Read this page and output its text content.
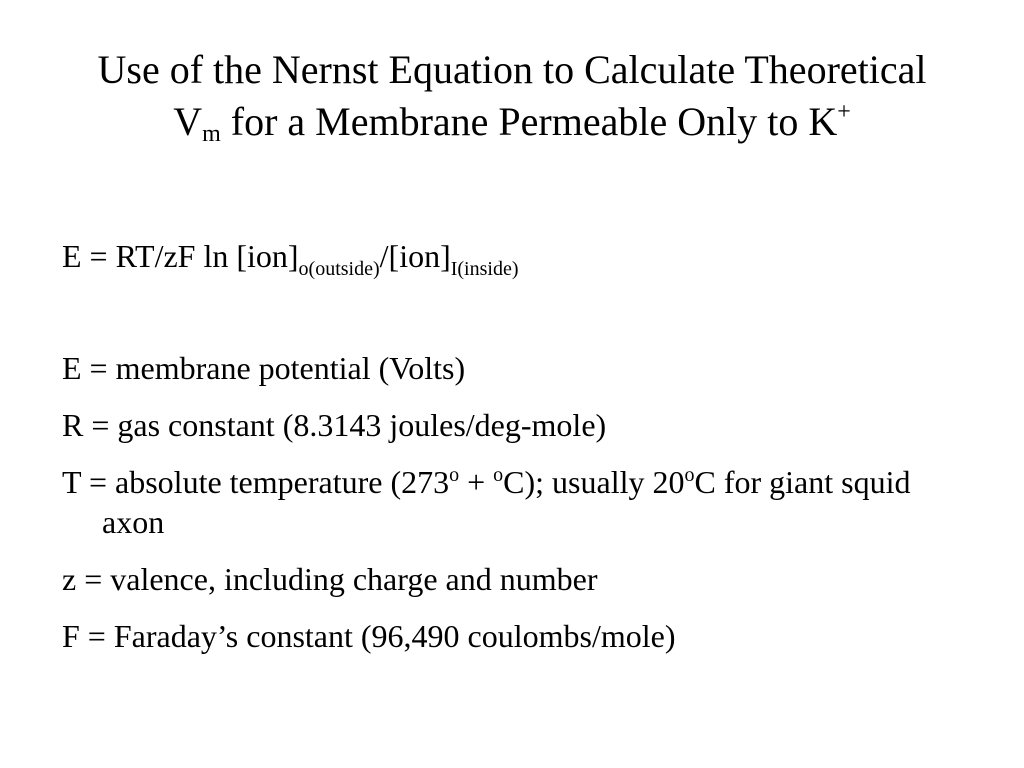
Use of the Nernst Equation to Calculate Theoretical
$V_m$ for a Membrane Permeable Only to K+

E = RT/zF $\ln [ion]_{o(outside)}/[ion]_{I(inside)}$

E = membrane potential (Volts)

R = gas constant (8.3143 joules/deg-mole)

T = absolute temperature $(273^o + ^oC)$; usually 20$^o$C for giant squid axon

z = valence, including charge and number

F = Faraday’s constant (96,490 coulombs/mole)
